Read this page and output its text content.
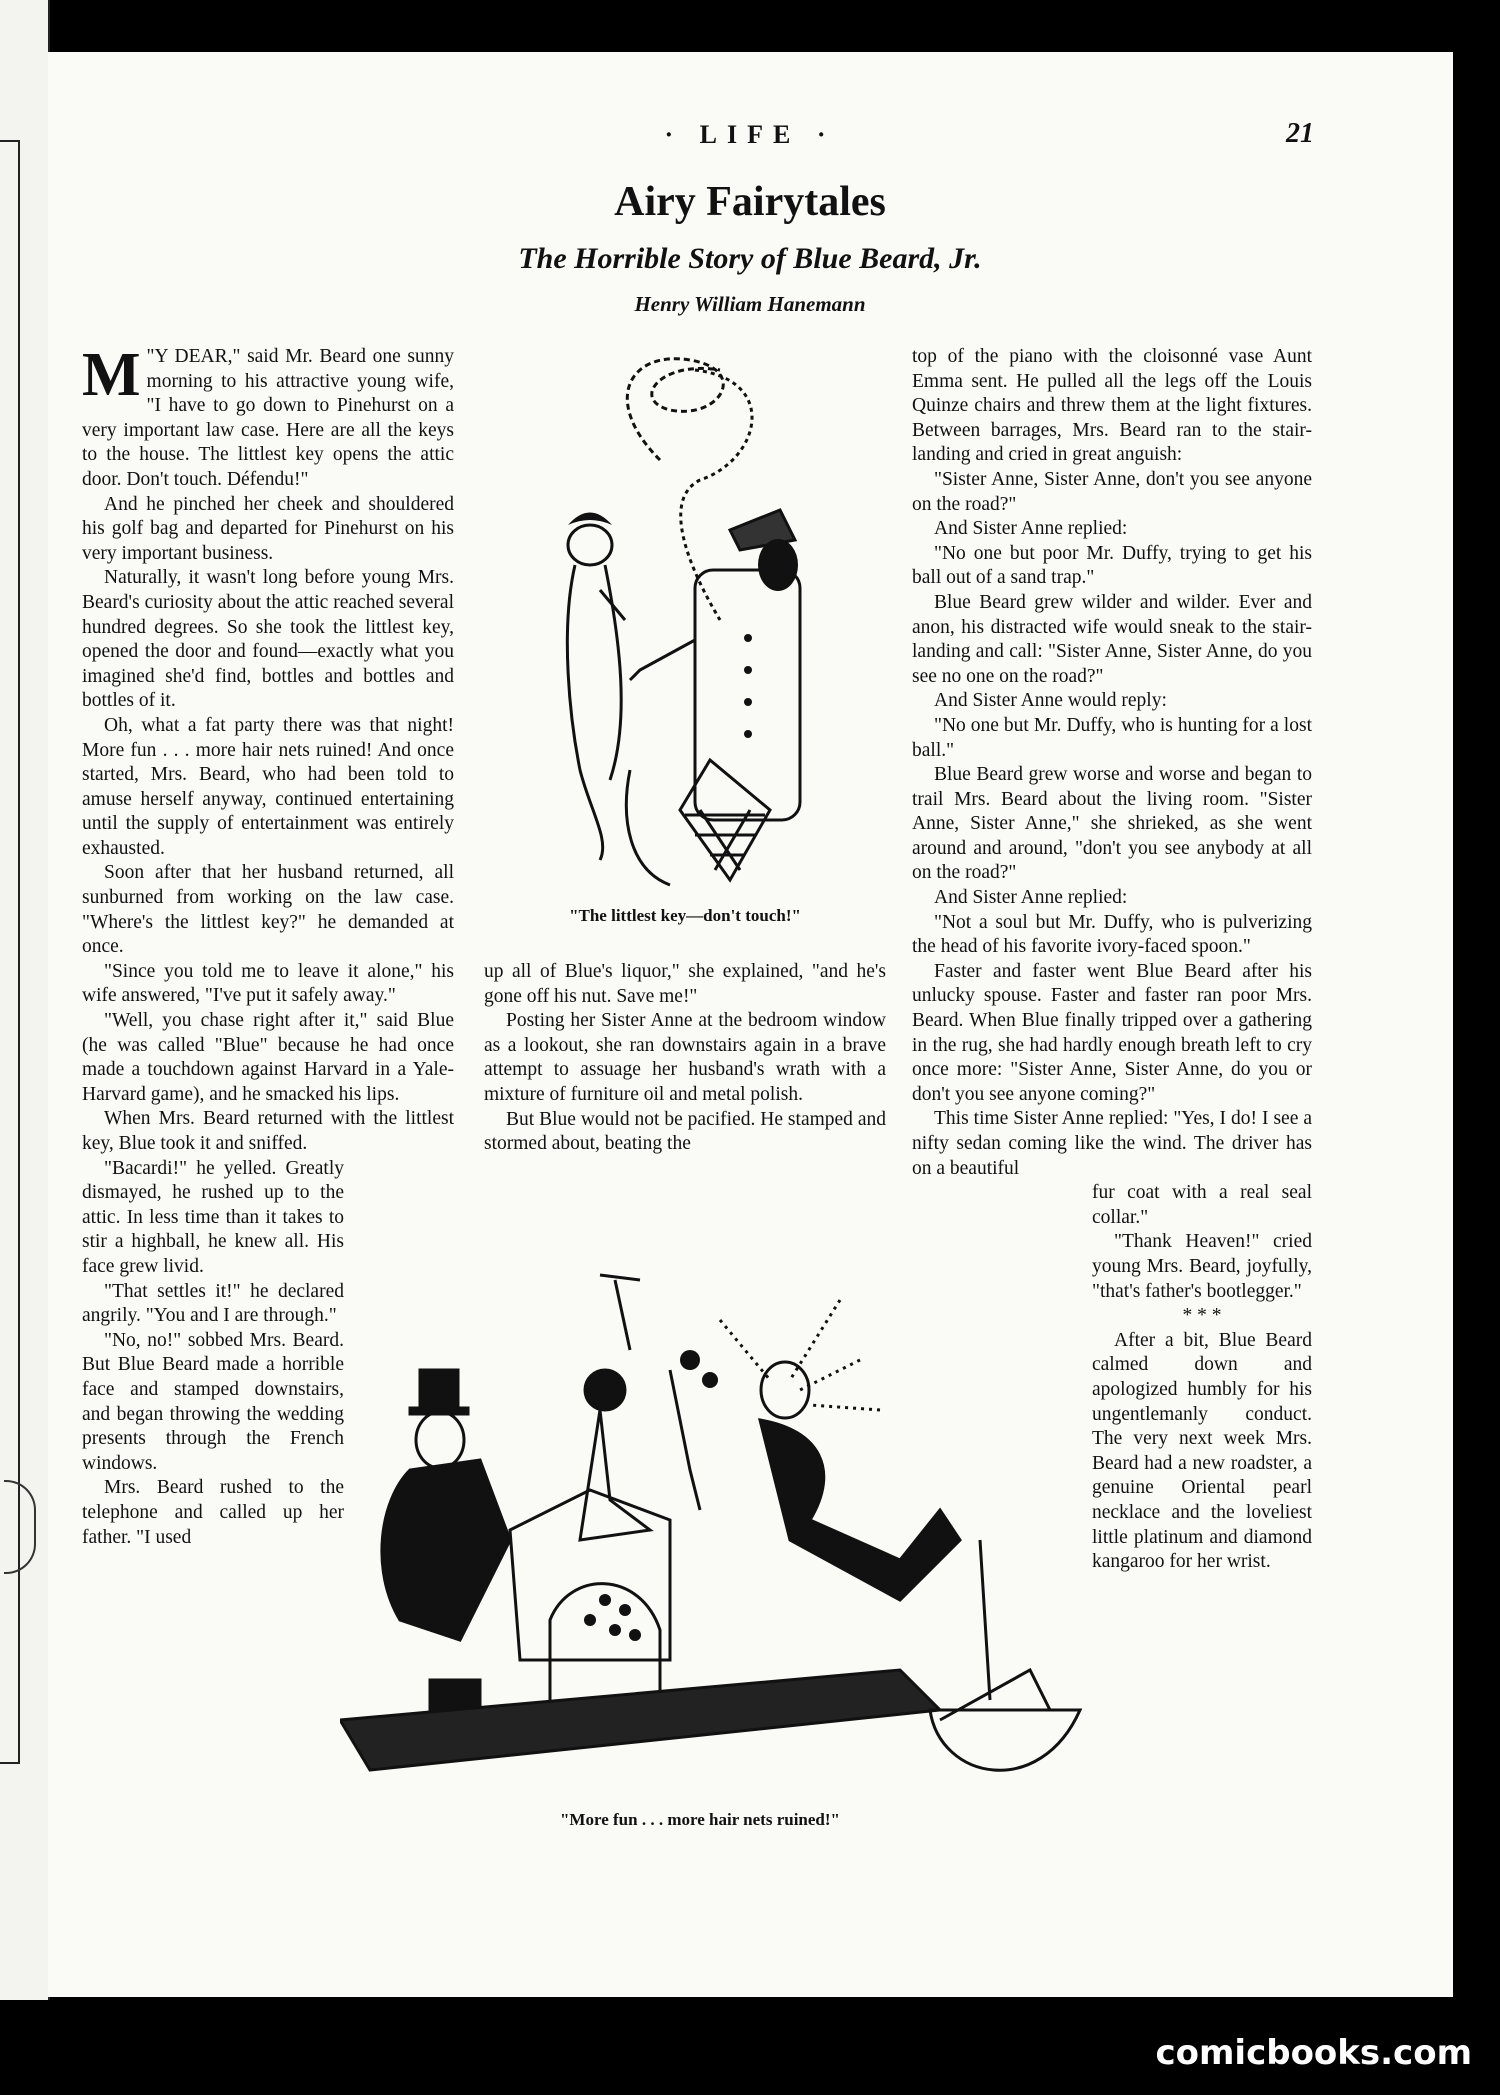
· LIFE ·	21
Airy Fairytales
The Horrible Story of Blue Beard, Jr.
Henry William Hanemann

"
M Y DEAR," said Mr. Beard one sunny morning to his attractive young wife, "I have to go down to Pinehurst on a very important law case. Here are all the keys to the house. The littlest key opens the attic door. Don't touch. Défendu!"

And he pinched her cheek and shouldered his golf bag and departed for Pinehurst on his very important business.

Naturally, it wasn't long before young Mrs. Beard's curiosity about the attic reached several hundred degrees. So she took the littlest key, opened the door and found—exactly what you imagined she'd find, bottles and bottles and bottles of it.

Oh, what a fat party there was that night! More fun . . . more hair nets ruined! And once started, Mrs. Beard, who had been told to amuse herself anyway, continued entertaining until the supply of entertainment was entirely exhausted.

Soon after that her husband returned, all sunburned from working on the law case. "Where's the littlest key?" he demanded at once.

"Since you told me to leave it alone," his wife answered, "I've put it safely away."

"Well, you chase right after it," said Blue (he was called "Blue" because he had once made a touchdown against Harvard in a Yale-Harvard game), and he smacked his lips.

When Mrs. Beard returned with the littlest key, Blue took it and sniffed.

"Bacardi!" he yelled. Greatly dismayed, he rushed up to the attic. In less time than it takes to stir a highball, he knew all. His face grew livid.

"That settles it!" he declared angrily. "You and I are through."

"No, no!" sobbed Mrs. Beard. But Blue Beard made a horrible face and stamped downstairs, and began throwing the wedding presents through the French windows.

Mrs. Beard rushed to the telephone and called up her father. "I used

"The littlest key—don't touch!"

up all of Blue's liquor," she explained, "and he's gone off his nut. Save me!"

Posting her Sister Anne at the bedroom window as a lookout, she ran downstairs again in a brave attempt to assuage her husband's wrath with a mixture of furniture oil and metal polish.

But Blue would not be pacified. He stamped and stormed about, beating the

top of the piano with the cloisonné vase Aunt Emma sent. He pulled all the legs off the Louis Quinze chairs and threw them at the light fixtures. Between barrages, Mrs. Beard ran to the stair-landing and cried in great anguish:

"Sister Anne, Sister Anne, don't you see anyone on the road?"

And Sister Anne replied:

"No one but poor Mr. Duffy, trying to get his ball out of a sand trap."

Blue Beard grew wilder and wilder. Ever and anon, his distracted wife would sneak to the stair-landing and call: "Sister Anne, Sister Anne, do you see no one on the road?"

And Sister Anne would reply:

"No one but Mr. Duffy, who is hunting for a lost ball."

Blue Beard grew worse and worse and began to trail Mrs. Beard about the living room. "Sister Anne, Sister Anne," she shrieked, as she went around and around, "don't you see anybody at all on the road?"

And Sister Anne replied:

"Not a soul but Mr. Duffy, who is pulverizing the head of his favorite ivory-faced spoon."

Faster and faster went Blue Beard after his unlucky spouse. Faster and faster ran poor Mrs. Beard. When Blue finally tripped over a gathering in the rug, she had hardly enough breath left to cry once more: "Sister Anne, Sister Anne, do you or don't you see anyone coming?"

This time Sister Anne replied: "Yes, I do! I see a nifty sedan coming like the wind. The driver has on a beautiful

fur coat with a real seal collar."

"Thank Heaven!" cried young Mrs. Beard, joyfully, "that's father's bootlegger."

* * *

After a bit, Blue Beard calmed down and apologized humbly for his ungentlemanly conduct. The very next week Mrs. Beard had a new roadster, a genuine Oriental pearl necklace and the loveliest little platinum and diamond kangaroo for her wrist.

"More fun . . . more hair nets ruined!"
comicbooks.com
